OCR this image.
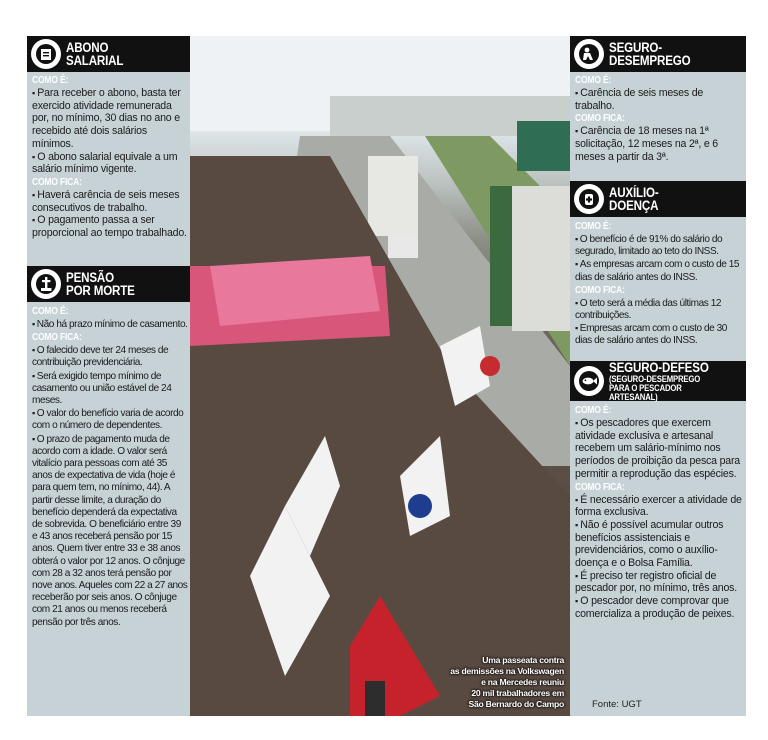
ABONO
SALARIAL
COMO É:

▪ Para receber o abono, basta ter exercido atividade remunerada por, no mínimo, 30 dias no ano e recebido até dois salários mínimos.

▪ O abono salarial equivale a um salário mínimo vigente.

COMO FICA:

▪ Haverá carência de seis meses consecutivos de trabalho.

▪ O pagamento passa a ser proporcional ao tempo trabalhado.

PENSÃO
POR MORTE
COMO É:

▪ Não há prazo mínimo de casamento.

COMO FICA:

▪ O falecido deve ter 24 meses de contribuição previdenciária.

▪ Será exigido tempo mínimo de casamento ou união estável de 24 meses.

▪ O valor do benefício varia de acordo com o número de dependentes.

▪ O prazo de pagamento muda de acordo com a idade. O valor será vitalício para pessoas com até 35 anos de expectativa de vida (hoje é para quem tem, no mínimo, 44). A partir desse limite, a duração do benefício dependerá da expectativa de sobrevida. O beneficiário entre 39 e 43 anos receberá pensão por 15 anos. Quem tiver entre 33 e 38 anos obterá o valor por 12 anos. O cônjuge com 28 a 32 anos terá pensão por nove anos. Aqueles com 22 a 27 anos receberão por seis anos. O cônjuge com 21 anos ou menos receberá pensão por três anos.

Uma passeata contra
as demissões na Volkswagen
e na Mercedes reuniu
20 mil trabalhadores em
São Bernardo do Campo
SEGURO-
DESEMPREGO
COMO É:

▪ Carência de seis meses de trabalho.

COMO FICA:

▪ Carência de 18 meses na 1ª solicitação, 12 meses na 2ª, e 6 meses a partir da 3ª.

AUXÍLIO-
DOENÇA
COMO É:

▪ O benefício é de 91% do salário do segurado, limitado ao teto do INSS.

▪ As empresas arcam com o custo de 15 dias de salário antes do INSS.

COMO FICA:

▪ O teto será a média das últimas 12 contribuições.

▪ Empresas arcam com o custo de 30 dias de salário antes do INSS.

SEGURO-DEFESO

(SEGURO-DESEMPREGO
PARA O PESCADOR ARTESANAL)

COMO É:

▪ Os pescadores que exercem atividade exclusiva e artesanal recebem um salário-mínimo nos períodos de proibição da pesca para permitir a reprodução das espécies.

COMO FICA:

▪ É necessário exercer a atividade de forma exclusiva.

▪ Não é possível acumular outros benefícios assistenciais e previdenciários, como o auxílio-doença e o Bolsa Família.

▪ É preciso ter registro oficial de pescador por, no mínimo, três anos.

▪ O pescador deve comprovar que comercializa a produção de peixes.

Fonte: UGT
